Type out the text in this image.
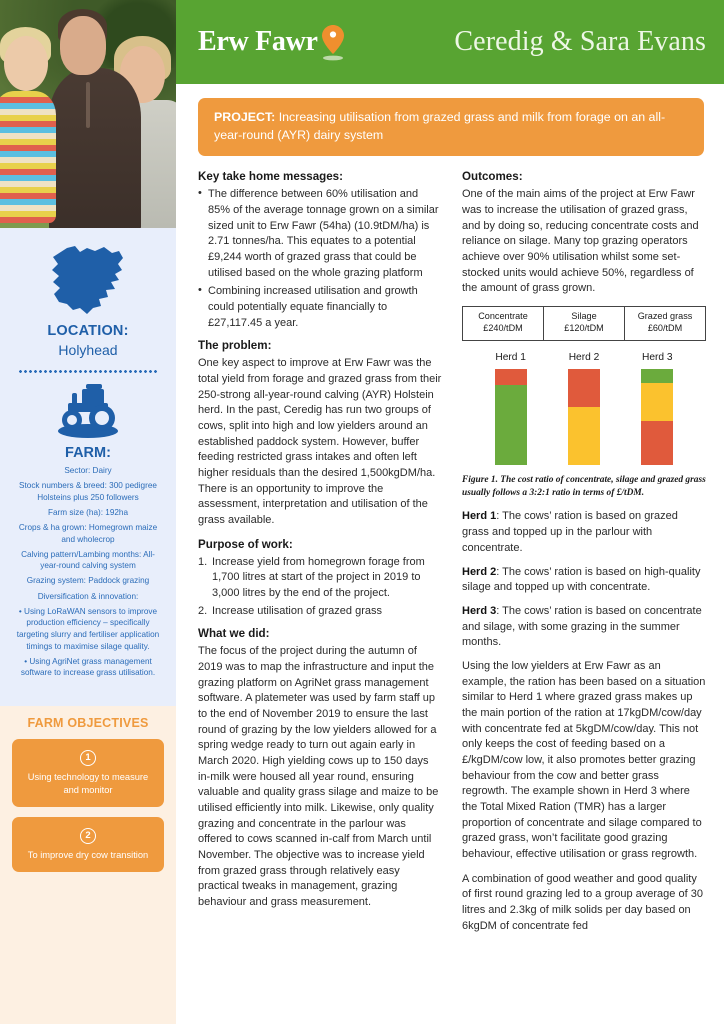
LOCATION:
Holyhead
FARM:
Sector: Dairy
Stock numbers & breed: 300 pedigree Holsteins plus 250 followers
Farm size (ha): 192ha
Crops & ha grown: Homegrown maize and wholecrop
Calving pattern/Lambing months: All-year-round calving system
Grazing system: Paddock grazing
Diversification & innovation:
• Using LoRaWAN sensors to improve production efficiency – specifically targeting slurry and fertiliser application timings to maximise silage quality.
• Using AgriNet grass management software to increase grass utilisation.
FARM OBJECTIVES
1
Using technology to measure and monitor
2
To improve dry cow transition
Erw Fawr	Ceredig & Sara Evans
PROJECT: Increasing utilisation from grazed grass and milk from forage on an all-year-round (AYR) dairy system
Key take home messages:
• The difference between 60% utilisation and 85% of the average tonnage grown on a similar sized unit to Erw Fawr (54ha) (10.9tDM/ha) is 2.71 tonnes/ha. This equates to a potential £9,244 worth of grazed grass that could be utilised based on the whole grazing platform
• Combining increased utilisation and growth could potentially equate financially to £27,117.45 a year.
The problem:

One key aspect to improve at Erw Fawr was the total yield from forage and grazed grass from their 250-strong all-year-round calving (AYR) Holstein herd. In the past, Ceredig has run two groups of cows, split into high and low yielders around an established paddock system. However, buffer feeding restricted grass intakes and often left higher residuals than the desired 1,500kgDM/ha. There is an opportunity to improve the assessment, interpretation and utilisation of the grass available.

Purpose of work:
Increase yield from homegrown forage from 1,700 litres at start of the project in 2019 to 3,000 litres by the end of the project.
Increase utilisation of grazed grass
What we did:

The focus of the project during the autumn of 2019 was to map the infrastructure and input the grazing platform on AgriNet grass management software. A platemeter was used by farm staff up to the end of November 2019 to ensure the last round of grazing by the low yielders allowed for a spring wedge ready to turn out again early in March 2020. High yielding cows up to 150 days in-milk were housed all year round, ensuring valuable and quality grass silage and maize to be utilised efficiently into milk. Likewise, only quality grazing and concentrate in the parlour was offered to cows scanned in-calf from March until November. The objective was to increase yield from grazed grass through relatively easy practical tweaks in management, grazing behaviour and grass measurement.

Outcomes:

One of the main aims of the project at Erw Fawr was to increase the utilisation of grazed grass, and by doing so, reducing concentrate costs and reliance on silage. Many top grazing operators achieve over 90% utilisation whilst some set-stocked units would achieve 50%, regardless of the amount of grass grown.

Concentrate
£240/tDM
Silage
£120/tDM
Grazed grass
£60/tDM
Herd 1	Herd 2	Herd 3
Figure 1. The cost ratio of concentrate, silage and grazed grass usually follows a 3:2:1 ratio in terms of £/tDM.
Herd 1: The cows’ ration is based on grazed grass and topped up in the parlour with concentrate.
Herd 2: The cows’ ration is based on high-quality silage and topped up with concentrate.
Herd 3: The cows’ ration is based on concentrate and silage, with some grazing in the summer months.

Using the low yielders at Erw Fawr as an example, the ration has been based on a situation similar to Herd 1 where grazed grass makes up the main portion of the ration at 17kgDM/cow/day with concentrate fed at 5kgDM/cow/day. This not only keeps the cost of feeding based on a £/kgDM/cow low, it also promotes better grazing behaviour from the cow and better grass regrowth. The example shown in Herd 3 where the Total Mixed Ration (TMR) has a larger proportion of concentrate and silage compared to grazed grass, won’t facilitate good grazing behaviour, effective utilisation or grass regrowth.

A combination of good weather and good quality of first round grazing led to a group average of 30 litres and 2.3kg of milk solids per day based on 6kgDM of concentrate fed
